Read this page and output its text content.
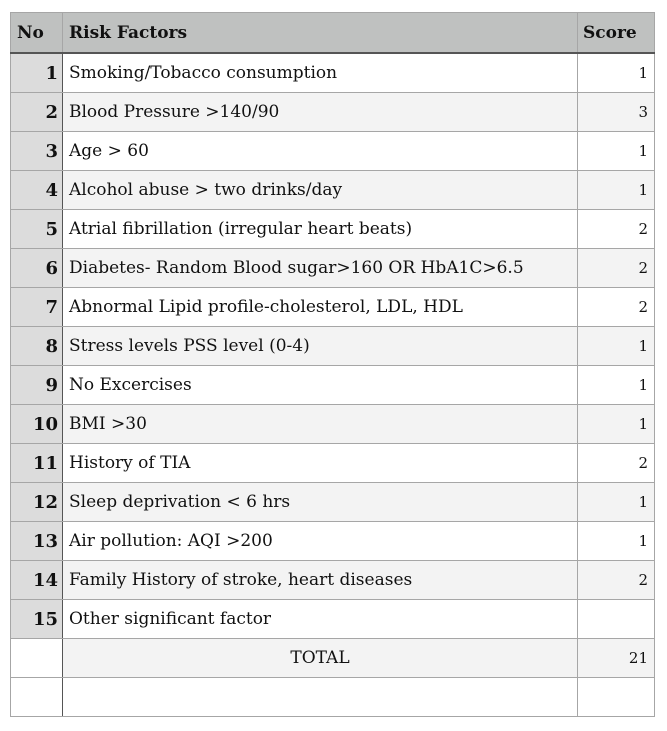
No	Risk Factors	Score
1	Smoking/Tobacco consumption	1
2	Blood Pressure >140/90	3
3	Age > 60	1
4	Alcohol abuse > two drinks/day	1
5	Atrial fibrillation (irregular heart beats)	2
6	Diabetes- Random Blood sugar>160 OR HbA1C>6.5	2
7	Abnormal Lipid profile-cholesterol, LDL, HDL	2
8	Stress levels PSS level (0-4)	1
9	No Excercises	1
10	BMI >30	1
11	History of TIA	2
12	Sleep deprivation < 6 hrs	1
13	Air pollution: AQI >200	1
14	Family History of stroke, heart diseases	2
15	Other significant factor	
	TOTAL	21
